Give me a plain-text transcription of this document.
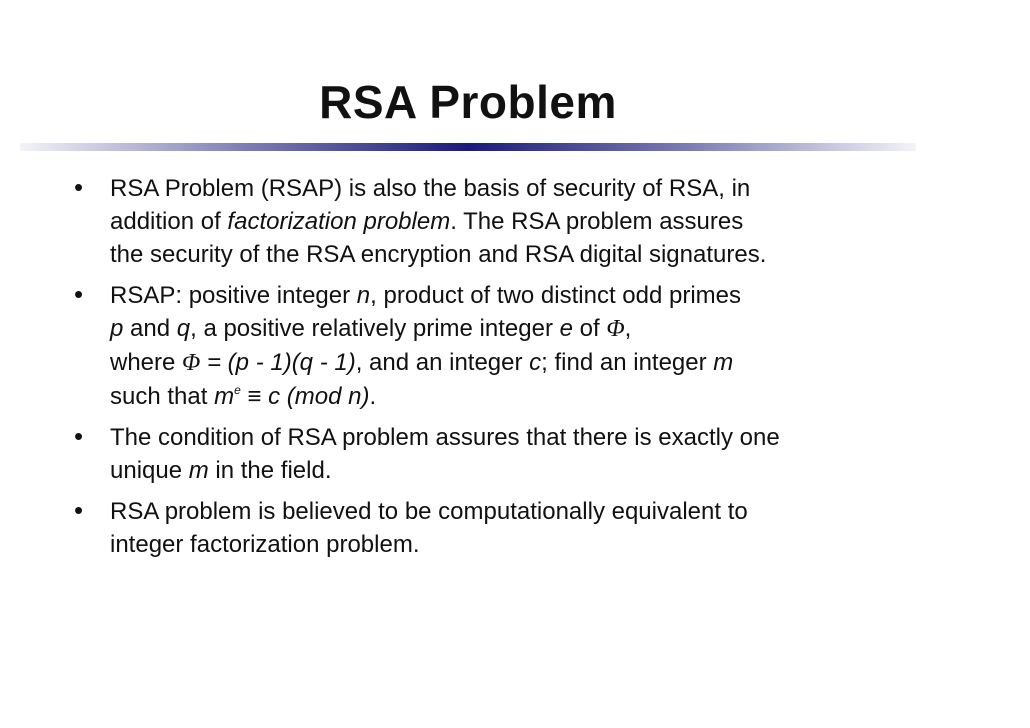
RSA Problem
• RSA Problem (RSAP) is also the basis of security of RSA, in
addition of factorization problem. The RSA problem assures
the security of the RSA encryption and RSA digital signatures.
• RSAP: positive integer n, product of two distinct odd primes
p and q, a positive relatively prime integer e of Φ,
where Φ = (p - 1)(q - 1), and an integer c; find an integer m
such that $m^e \equiv c$ (mod n).
• The condition of RSA problem assures that there is exactly one
unique m in the field.
• RSA problem is believed to be computationally equivalent to
integer factorization problem.
